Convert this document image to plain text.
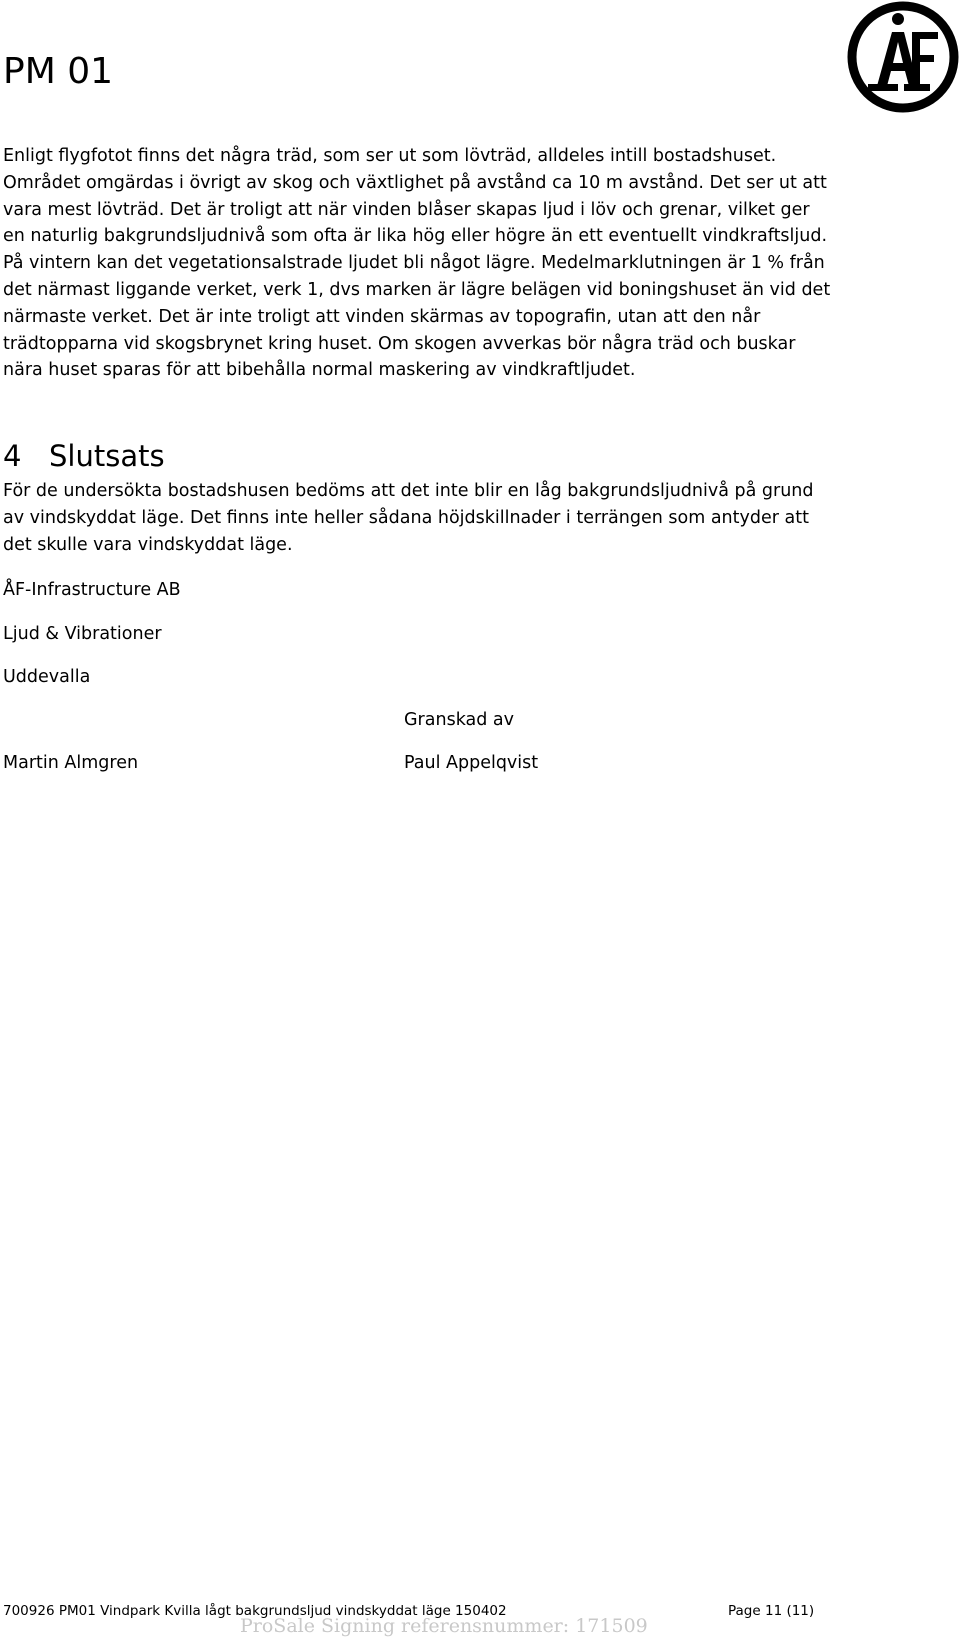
PM 01

Enligt flygfotot finns det några träd, som ser ut som lövträd, alldeles intill bostadshuset. Området omgärdas i övrigt av skog och växtlighet på avstånd ca 10 m avstånd. Det ser ut att vara mest lövträd. Det är troligt att när vinden blåser skapas ljud i löv och grenar, vilket ger en naturlig bakgrundsljudnivå som ofta är lika hög eller högre än ett eventuellt vindkraftsljud. På vintern kan det vegetationsalstrade ljudet bli något lägre. Medelmarklutningen är 1 % från det närmast liggande verket, verk 1, dvs marken är lägre belägen vid boningshuset än vid det närmaste verket. Det är inte troligt att vinden skärmas av topografin, utan att den når trädtopparna vid skogsbrynet kring huset. Om skogen avverkas bör några träd och buskar nära huset sparas för att bibehålla normal maskering av vindkraftljudet.

4 Slutsats

För de undersökta bostadshusen bedöms att det inte blir en låg bakgrundsljudnivå på grund av vindskyddat läge. Det finns inte heller sådana höjdskillnader i terrängen som antyder att det skulle vara vindskyddat läge.

ÅF-Infrastructure AB

Ljud & Vibrationer

Uddevalla

Granskad av

Martin Almgren	Paul Appelqvist

700926 PM01 Vindpark Kvilla lågt bakgrundsljud vindskyddat läge 150402	Page 11 (11)
ProSale Signing referensnummer: 171509
